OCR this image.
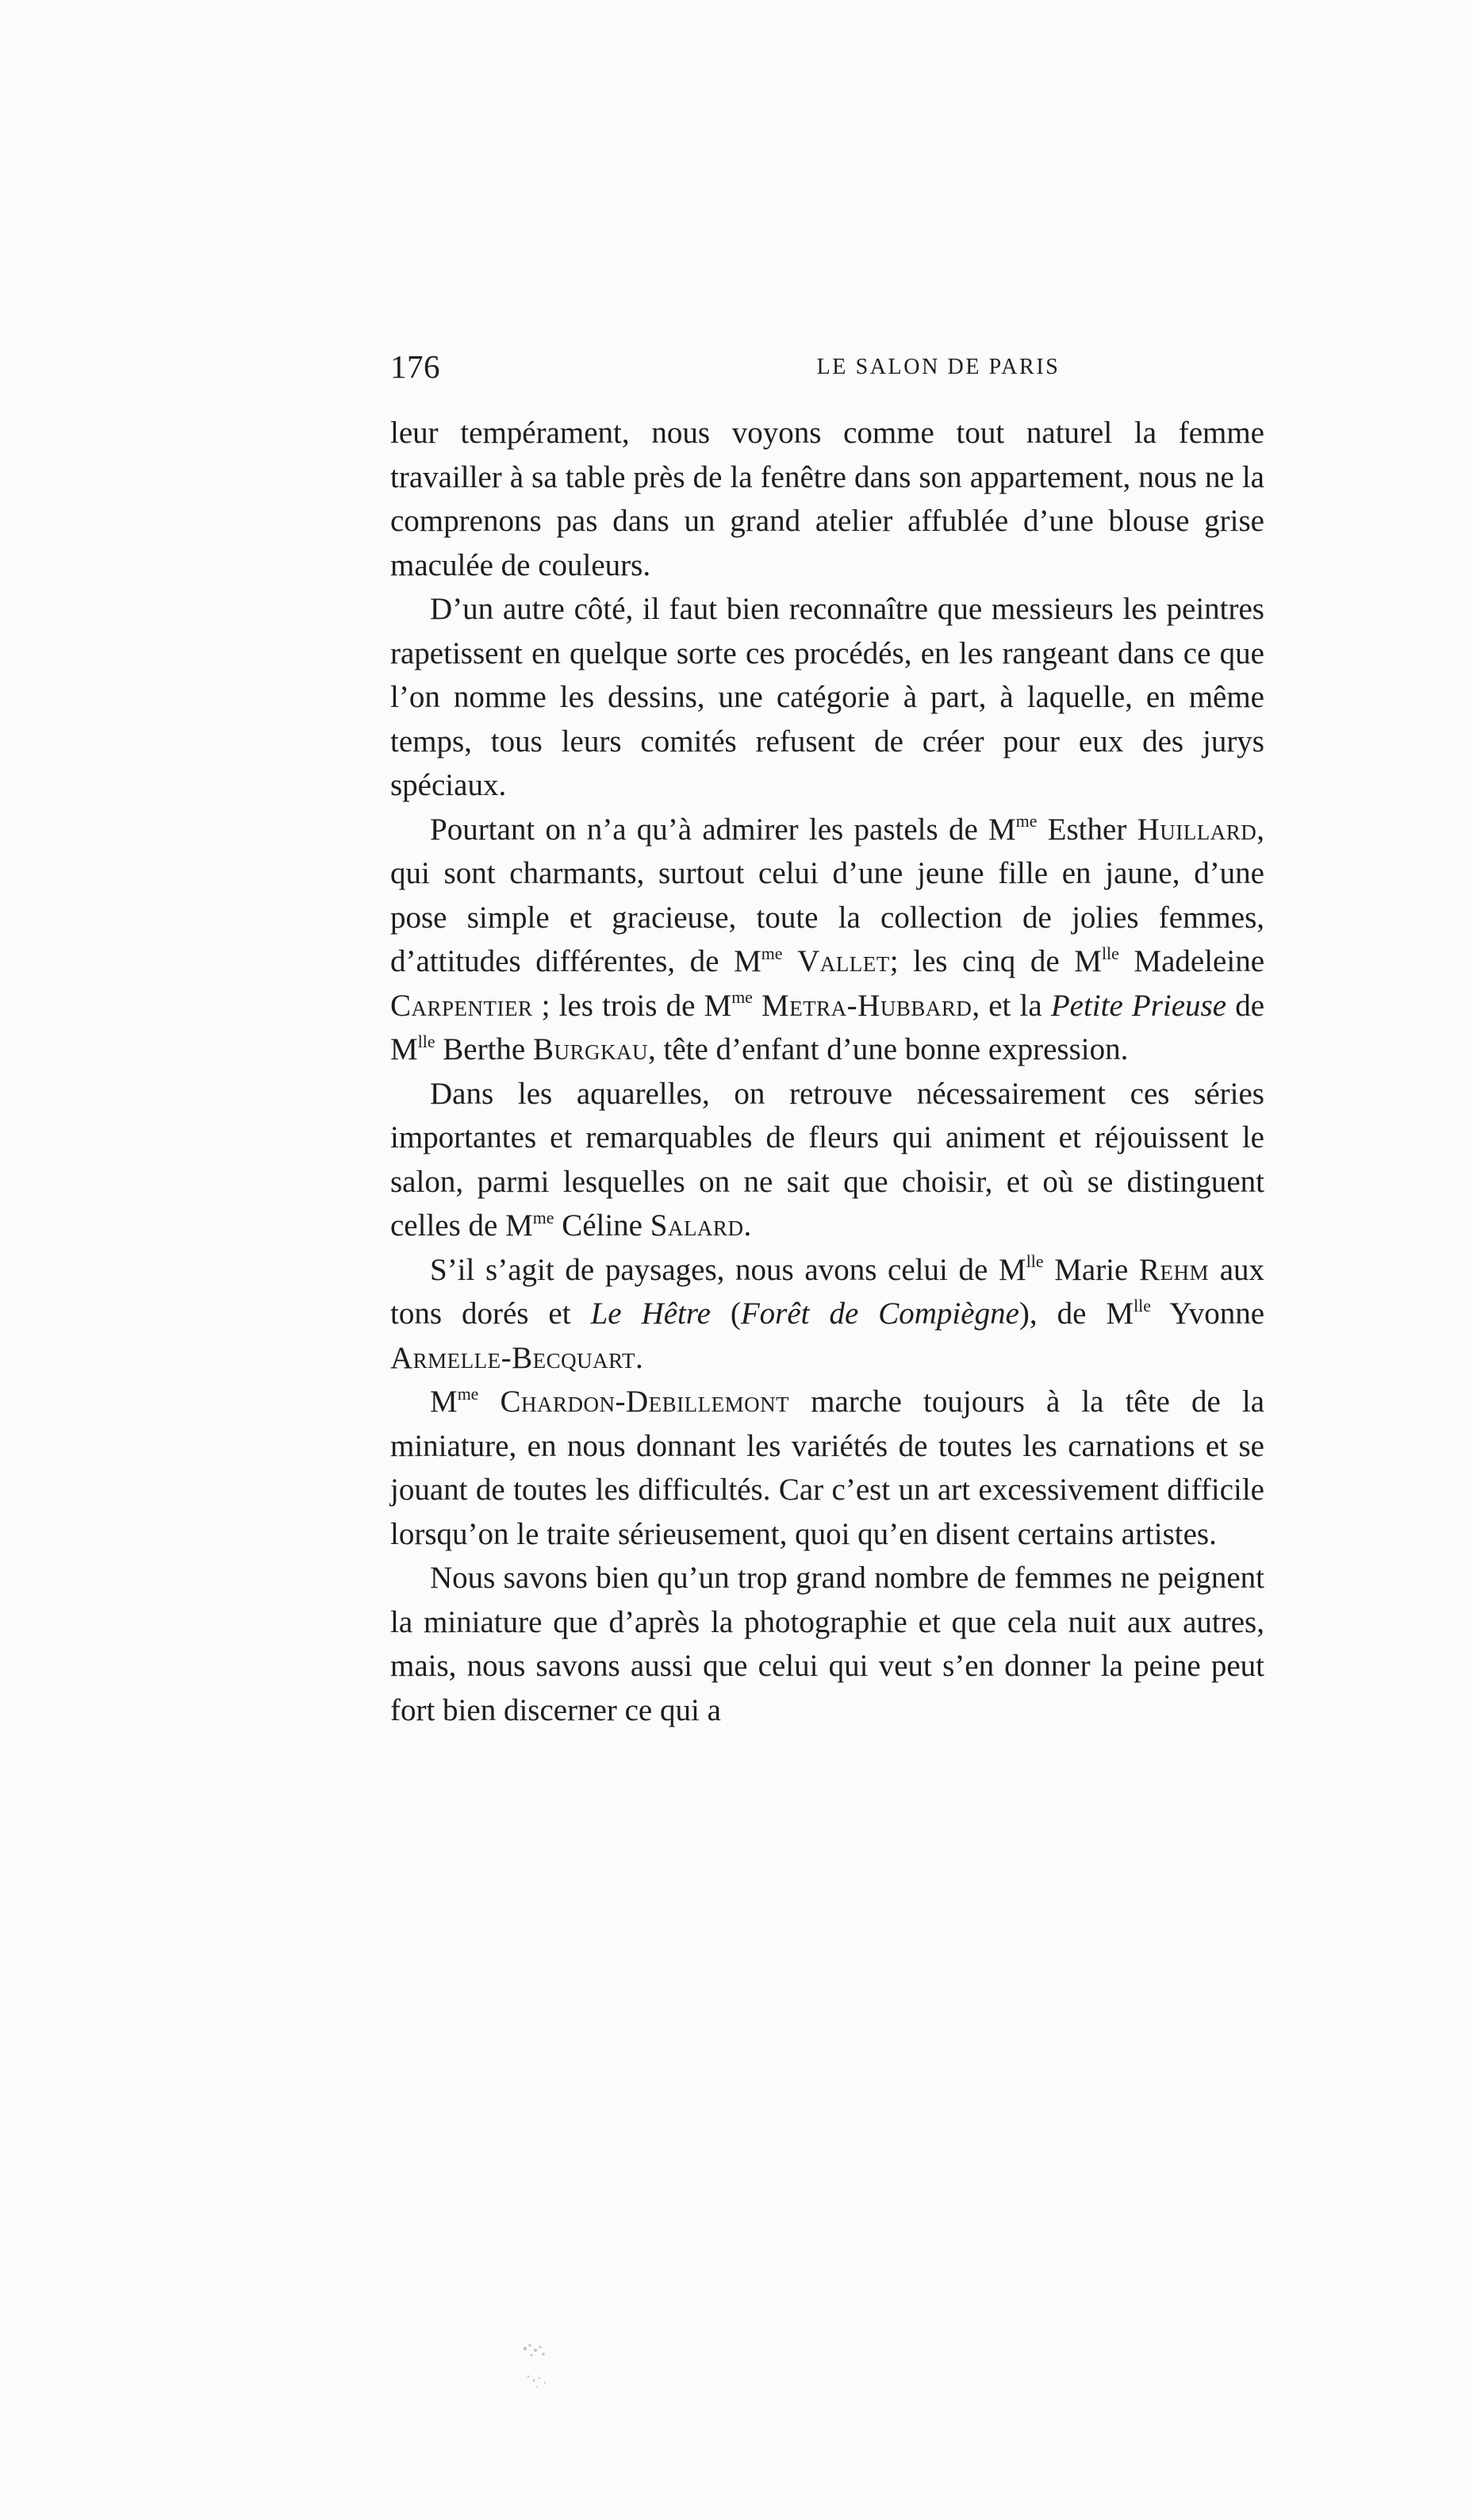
176	LE SALON DE PARIS

leur tempérament, nous voyons comme tout naturel la femme travailler à sa table près de la fenêtre dans son appartement, nous ne la comprenons pas dans un grand atelier affublée d’une blouse grise maculée de couleurs.

D’un autre côté, il faut bien reconnaître que messieurs les peintres rapetissent en quelque sorte ces procédés, en les rangeant dans ce que l’on nomme les dessins, une catégorie à part, à laquelle, en même temps, tous leurs comités refusent de créer pour eux des jurys spéciaux.

Pourtant on n’a qu’à admirer les pastels de $M^{me}$ Esther Huillard, qui sont charmants, surtout celui d’une jeune fille en jaune, d’une pose simple et gracieuse, toute la collection de jolies femmes, d’attitudes différentes, de $M^{me}$ Vallet; les cinq de $M^{lle}$ Madeleine Carpentier ; les trois de $M^{me}$ Metra-Hubbard, et la Petite Prieuse de $M^{lle}$ Berthe Burgkau, tête d’enfant d’une bonne expression.

Dans les aquarelles, on retrouve nécessairement ces séries importantes et remarquables de fleurs qui animent et réjouissent le salon, parmi lesquelles on ne sait que choisir, et où se distinguent celles de $M^{me}$ Céline Salard.

S’il s’agit de paysages, nous avons celui de $M^{lle}$ Marie Rehm aux tons dorés et Le Hêtre (Forêt de Compiègne), de $M^{lle}$ Yvonne Armelle-Becquart.

$M^{me}$ Chardon-Debillemont marche toujours à la tête de la miniature, en nous donnant les variétés de toutes les carnations et se jouant de toutes les difficultés. Car c’est un art excessivement difficile lorsqu’on le traite sérieusement, quoi qu’en disent certains artistes.

Nous savons bien qu’un trop grand nombre de femmes ne peignent la miniature que d’après la photographie et que cela nuit aux autres, mais, nous savons aussi que celui qui veut s’en donner la peine peut fort bien discerner ce qui a
